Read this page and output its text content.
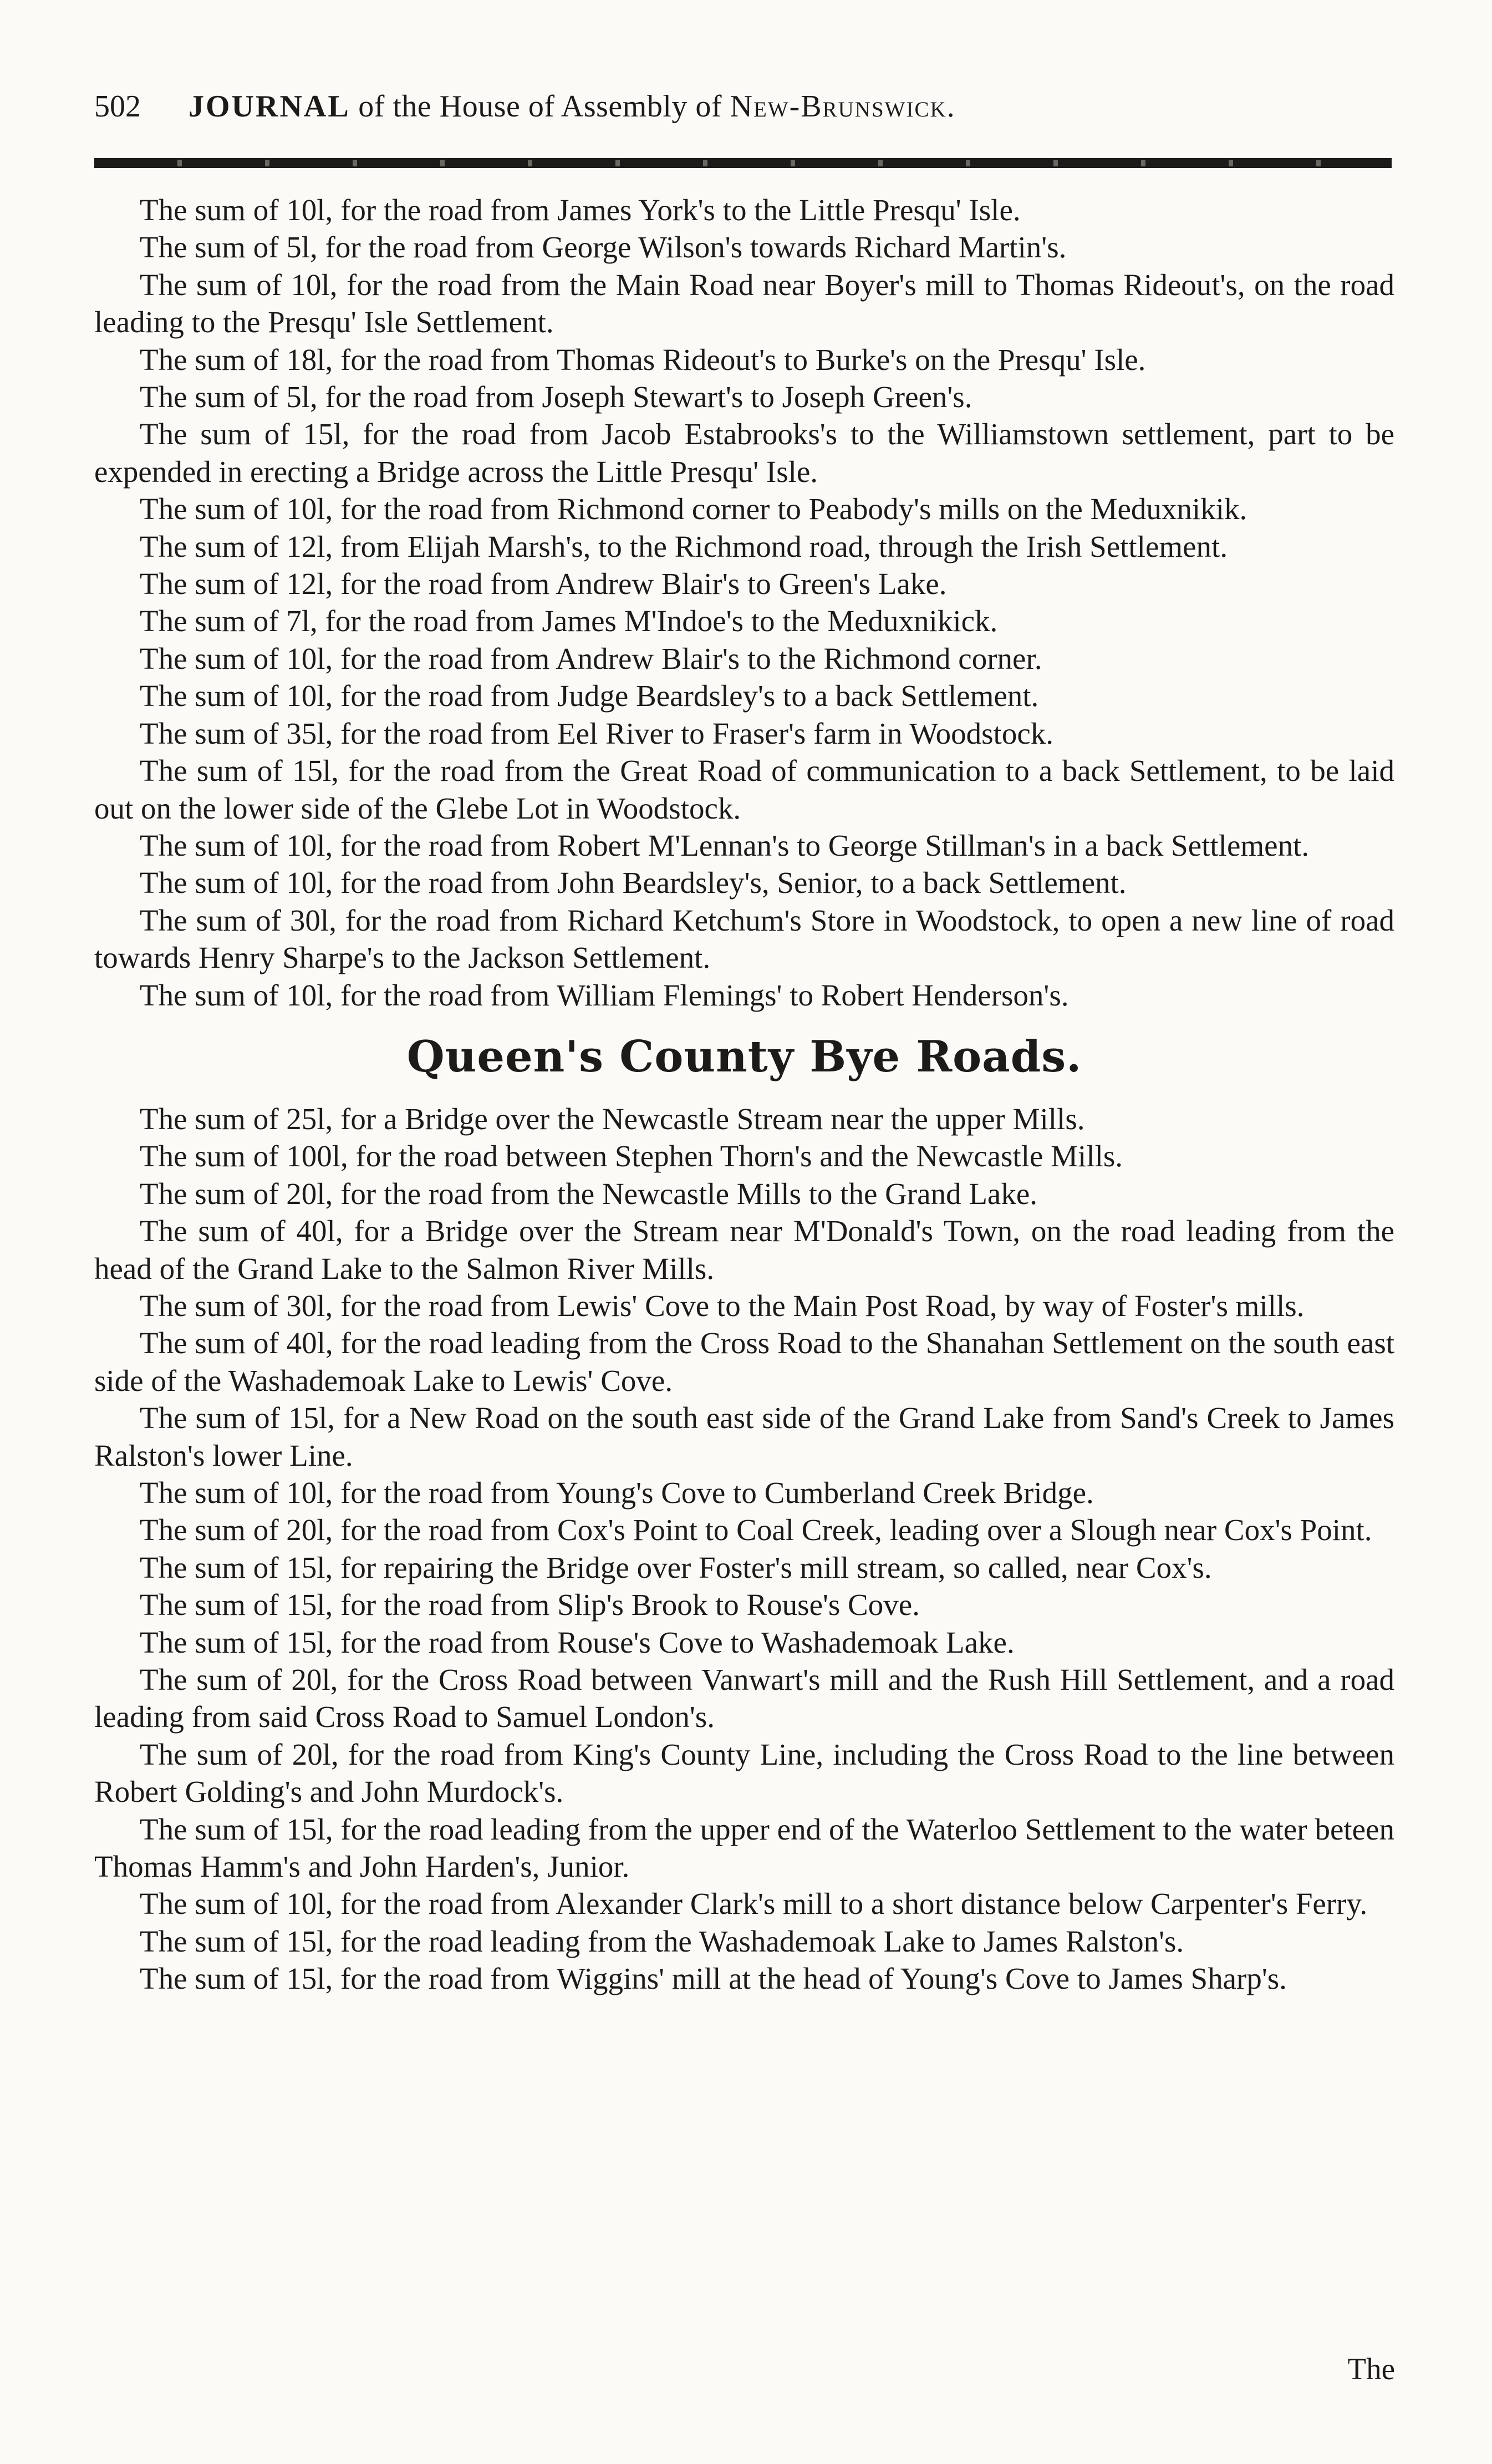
502	JOURNAL of the House of Assembly of New-Brunswick.

The sum of 10l, for the road from James York's to the Little Presqu' Isle.

The sum of 5l, for the road from George Wilson's towards Richard Martin's.

The sum of 10l, for the road from the Main Road near Boyer's mill to Thomas Rideout's, on the road leading to the Presqu' Isle Settlement.

The sum of 18l, for the road from Thomas Rideout's to Burke's on the Presqu' Isle.

The sum of 5l, for the road from Joseph Stewart's to Joseph Green's.

The sum of 15l, for the road from Jacob Estabrooks's to the Williamstown settlement, part to be expended in erecting a Bridge across the Little Presqu' Isle.

The sum of 10l, for the road from Richmond corner to Peabody's mills on the Meduxnikik.

The sum of 12l, from Elijah Marsh's, to the Richmond road, through the Irish Settlement.

The sum of 12l, for the road from Andrew Blair's to Green's Lake.

The sum of 7l, for the road from James M'Indoe's to the Meduxnikick.

The sum of 10l, for the road from Andrew Blair's to the Richmond corner.

The sum of 10l, for the road from Judge Beardsley's to a back Settlement.

The sum of 35l, for the road from Eel River to Fraser's farm in Woodstock.

The sum of 15l, for the road from the Great Road of communication to a back Settlement, to be laid out on the lower side of the Glebe Lot in Woodstock.

The sum of 10l, for the road from Robert M'Lennan's to George Stillman's in a back Settlement.

The sum of 10l, for the road from John Beardsley's, Senior, to a back Settlement.

The sum of 30l, for the road from Richard Ketchum's Store in Woodstock, to open a new line of road towards Henry Sharpe's to the Jackson Settlement.

The sum of 10l, for the road from William Flemings' to Robert Henderson's.

Queen's County Bye Roads.

The sum of 25l, for a Bridge over the Newcastle Stream near the upper Mills.

The sum of 100l, for the road between Stephen Thorn's and the Newcastle Mills.

The sum of 20l, for the road from the Newcastle Mills to the Grand Lake.

The sum of 40l, for a Bridge over the Stream near M'Donald's Town, on the road leading from the head of the Grand Lake to the Salmon River Mills.

The sum of 30l, for the road from Lewis' Cove to the Main Post Road, by way of Foster's mills.

The sum of 40l, for the road leading from the Cross Road to the Shanahan Settlement on the south east side of the Washademoak Lake to Lewis' Cove.

The sum of 15l, for a New Road on the south east side of the Grand Lake from Sand's Creek to James Ralston's lower Line.

The sum of 10l, for the road from Young's Cove to Cumberland Creek Bridge.

The sum of 20l, for the road from Cox's Point to Coal Creek, leading over a Slough near Cox's Point.

The sum of 15l, for repairing the Bridge over Foster's mill stream, so called, near Cox's.

The sum of 15l, for the road from Slip's Brook to Rouse's Cove.

The sum of 15l, for the road from Rouse's Cove to Washademoak Lake.

The sum of 20l, for the Cross Road between Vanwart's mill and the Rush Hill Settlement, and a road leading from said Cross Road to Samuel London's.

The sum of 20l, for the road from King's County Line, including the Cross Road to the line between Robert Golding's and John Murdock's.

The sum of 15l, for the road leading from the upper end of the Waterloo Settlement to the water beteen Thomas Hamm's and John Harden's, Junior.

The sum of 10l, for the road from Alexander Clark's mill to a short distance below Carpenter's Ferry.

The sum of 15l, for the road leading from the Washademoak Lake to James Ralston's.

The sum of 15l, for the road from Wiggins' mill at the head of Young's Cove to James Sharp's.

The
